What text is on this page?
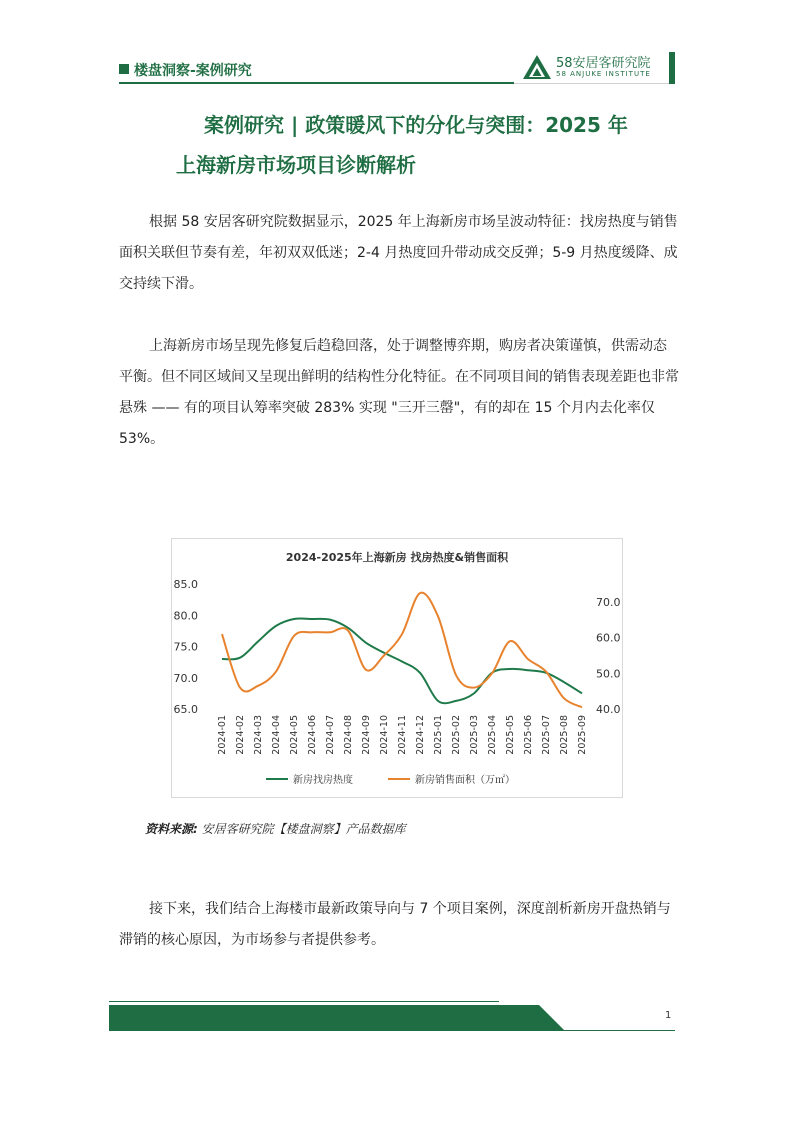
楼盘洞察-案例研究	58安居客研究院
58 ANJUKE INSTITUTE
案例研究 | 政策暖风下的分化与突围：2025 年
上海新房市场项目诊断解析
根据 58 安居客研究院数据显示，2025 年上海新房市场呈波动特征：找房热度与销售面积关联但节奏有差，年初双双低迷；2-4 月热度回升带动成交反弹；5-9 月热度缓降、成交持续下滑。
上海新房市场呈现先修复后趋稳回落，处于调整博弈期，购房者决策谨慎，供需动态平衡。但不同区域间又呈现出鲜明的结构性分化特征。在不同项目间的销售表现差距也非常悬殊 —— 有的项目认筹率突破 283% 实现 "三开三罄"，有的却在 15 个月内去化率仅 53%。
2024-2025年上海新房 找房热度&销售面积
85.0
80.0
75.0
70.0
65.0
70.0
60.0
50.0
40.0
2024-01 2024-02 2024-03 2024-04 2024-05 2024-06 2024-07 2024-08 2024-09 2024-10 2024-11 2024-12 2025-01 2025-02 2025-03 2025-04 2025-05 2025-06 2025-07 2025-08 2025-09
新房找房热度	新房销售面积（万㎡）
资料来源: 安居客研究院【楼盘洞察】产品数据库
接下来，我们结合上海楼市最新政策导向与 7 个项目案例，深度剖析新房开盘热销与滞销的核心原因，为市场参与者提供参考。
1
